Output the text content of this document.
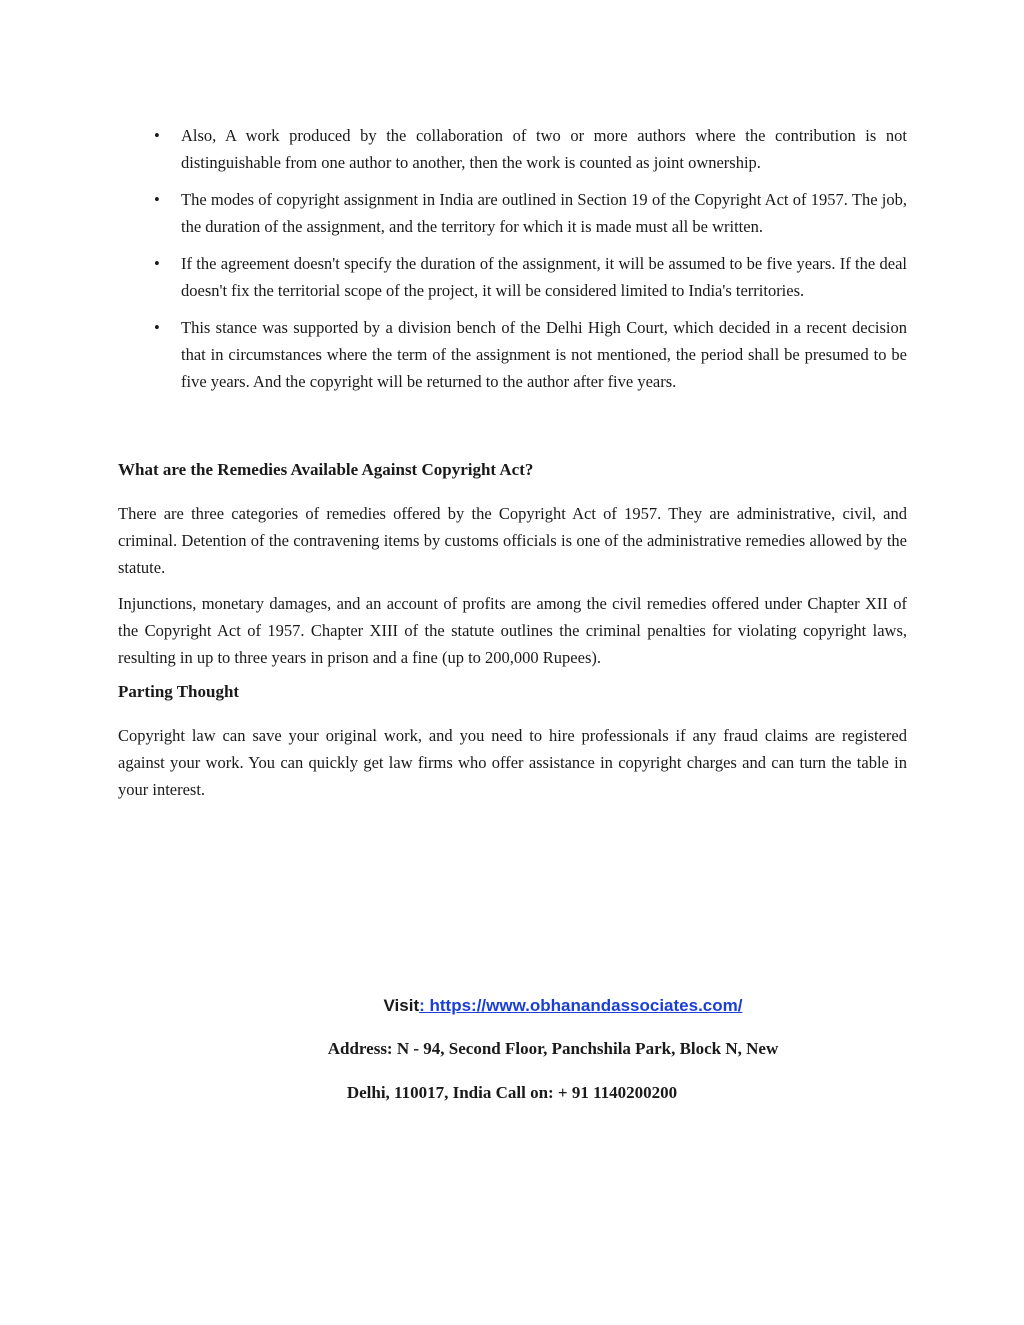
• Also, A work produced by the collaboration of two or more authors where the contribution is not distinguishable from one author to another, then the work is counted as joint ownership.
• The modes of copyright assignment in India are outlined in Section 19 of the Copyright Act of 1957. The job, the duration of the assignment, and the territory for which it is made must all be written.
• If the agreement doesn't specify the duration of the assignment, it will be assumed to be five years. If the deal doesn't fix the territorial scope of the project, it will be considered limited to India's territories.
• This stance was supported by a division bench of the Delhi High Court, which decided in a recent decision that in circumstances where the term of the assignment is not mentioned, the period shall be presumed to be five years. And the copyright will be returned to the author after five years.
What are the Remedies Available Against Copyright Act?

There are three categories of remedies offered by the Copyright Act of 1957. They are administrative, civil, and criminal. Detention of the contravening items by customs officials is one of the administrative remedies allowed by the statute.

Injunctions, monetary damages, and an account of profits are among the civil remedies offered under Chapter XII of the Copyright Act of 1957. Chapter XIII of the statute outlines the criminal penalties for violating copyright laws, resulting in up to three years in prison and a fine (up to 200,000 Rupees).

Parting Thought

Copyright law can save your original work, and you need to hire professionals if any fraud claims are registered against your work. You can quickly get law firms who offer assistance in copyright charges and can turn the table in your interest.

Visit: https://www.obhanandassociates.com/
Address: N - 94, Second Floor, Panchshila Park, Block N, New
Delhi, 110017, India Call on: + 91 1140200200
